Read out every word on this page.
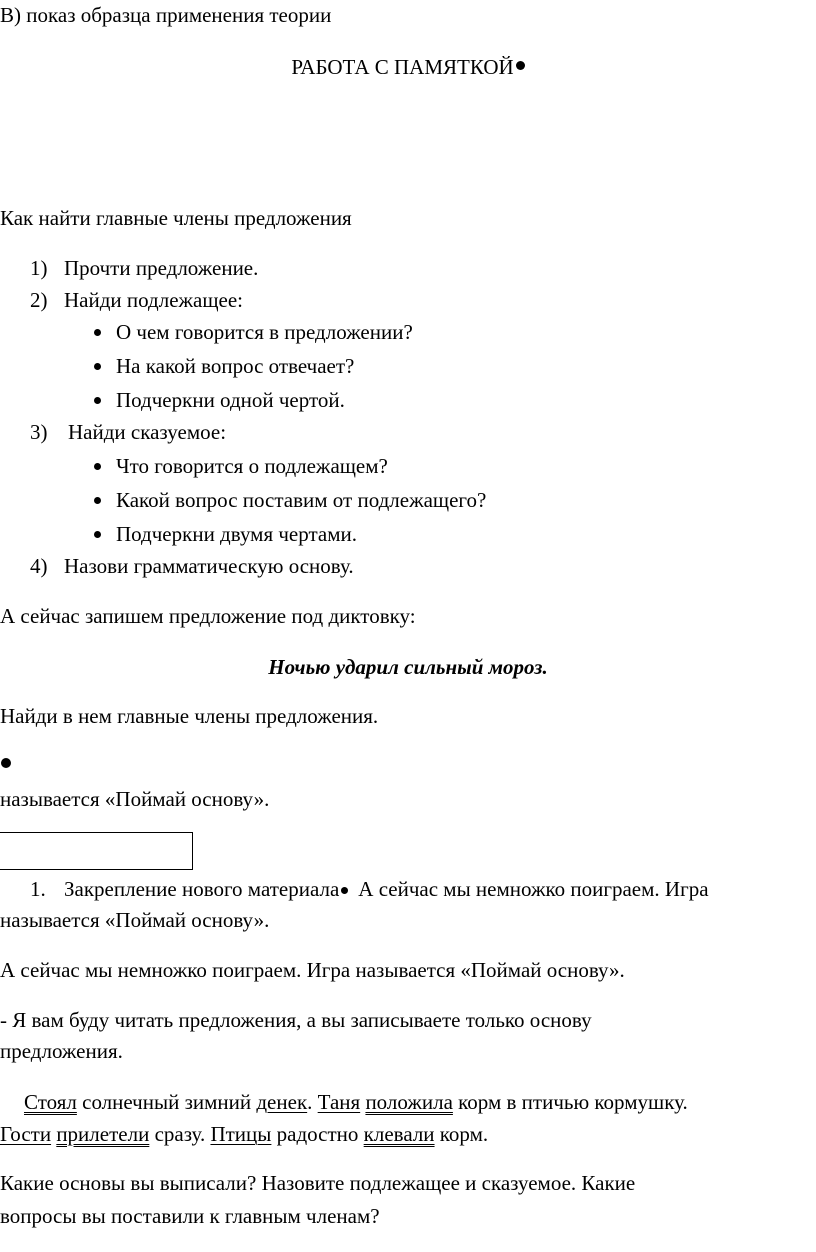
В) показ образца применения теории
РАБОТА С ПАМЯТКОЙ
Как найти главные члены предложения
1) Прочти предложение.
2) Найди подлежащее:
О чем говорится в предложении?
На какой вопрос отвечает?
Подчеркни одной чертой.
3) Найди сказуемое:
Что говорится о подлежащем?
Какой вопрос поставим от подлежащего?
Подчеркни двумя чертами.
4) Назови грамматическую основу.
А сейчас запишем предложение под диктовку:
Ночью ударил сильный мороз.
Найди в нем главные члены предложения.
называется «Поймай основу».
1. Закрепление нового материала А сейчас мы немножко поиграем. Игра
называется «Поймай основу».
А сейчас мы немножко поиграем. Игра называется «Поймай основу».
- Я вам буду читать предложения, а вы записываете только основу
предложения.
Стоял солнечный зимний денек. Таня положила корм в птичью кормушку.
Гости прилетели сразу. Птицы радостно клевали корм.
Какие основы вы выписали? Назовите подлежащее и сказуемое. Какие
вопросы вы поставили к главным членам?
